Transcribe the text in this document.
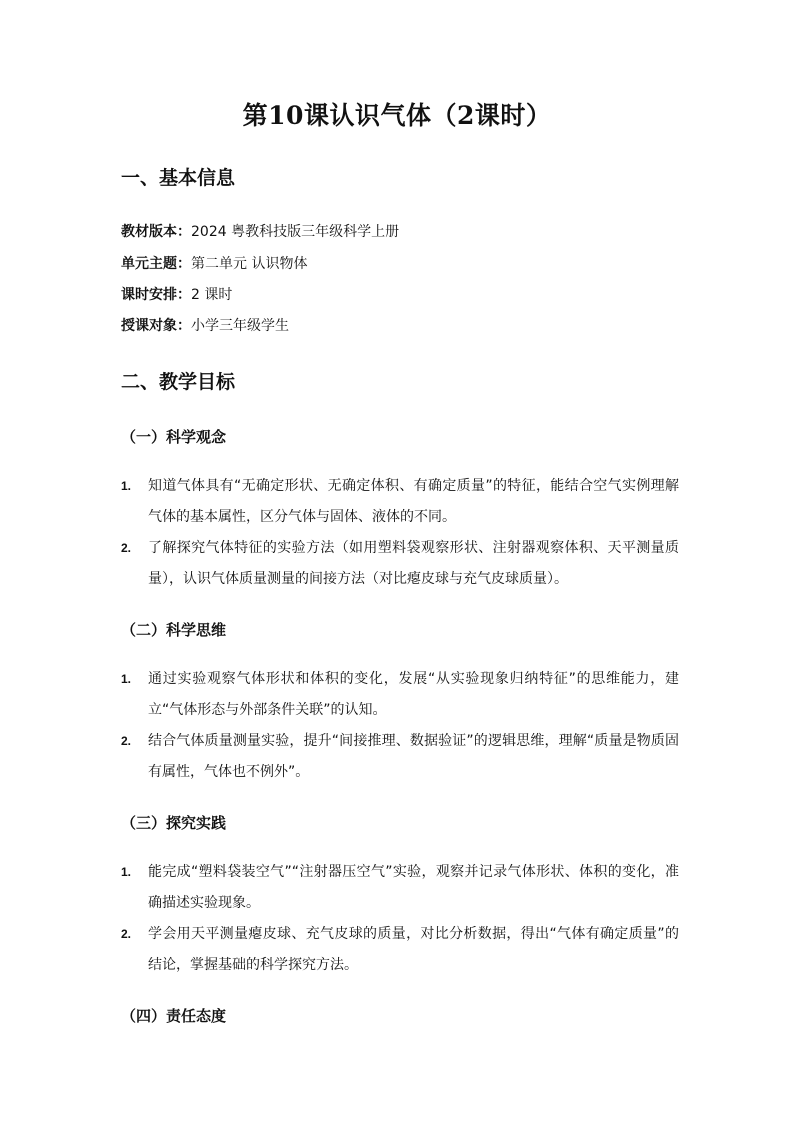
第10课认识气体（2课时）
一、基本信息
教材版本：2024 粤教科技版三年级科学上册
单元主题：第二单元 认识物体
课时安排：2 课时
授课对象：小学三年级学生
二、教学目标
（一）科学观念
1. 知道气体具有“无确定形状、无确定体积、有确定质量”的特征，能结合空气实例理解气体的基本属性，区分气体与固体、液体的不同。
2. 了解探究气体特征的实验方法（如用塑料袋观察形状、注射器观察体积、天平测量质量），认识气体质量测量的间接方法（对比瘪皮球与充气皮球质量）。
（二）科学思维
1. 通过实验观察气体形状和体积的变化，发展“从实验现象归纳特征”的思维能力，建立“气体形态与外部条件关联”的认知。
2. 结合气体质量测量实验，提升“间接推理、数据验证”的逻辑思维，理解“质量是物质固有属性，气体也不例外”。
（三）探究实践
1. 能完成“塑料袋装空气”“注射器压空气”实验，观察并记录气体形状、体积的变化，准确描述实验现象。
2. 学会用天平测量瘪皮球、充气皮球的质量，对比分析数据，得出“气体有确定质量”的结论，掌握基础的科学探究方法。
（四）责任态度
